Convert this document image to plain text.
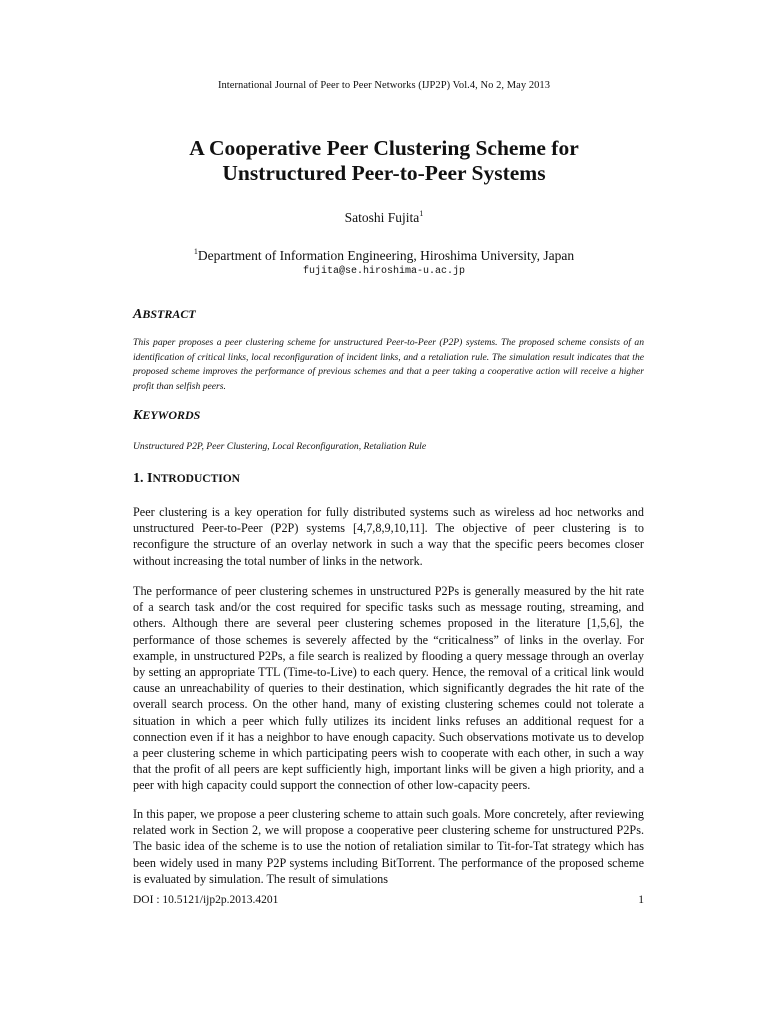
International Journal of Peer to Peer Networks (IJP2P) Vol.4, No 2, May 2013
A Cooperative Peer Clustering Scheme for
Unstructured Peer-to-Peer Systems
Satoshi Fujita$^1$
$^1$Department of Information Engineering, Hiroshima University, Japan
fujita@se.hiroshima-u.ac.jp
ABSTRACT
This paper proposes a peer clustering scheme for unstructured Peer-to-Peer (P2P) systems. The proposed scheme consists of an identification of critical links, local reconfiguration of incident links, and a retaliation rule. The simulation result indicates that the proposed scheme improves the performance of previous schemes and that a peer taking a cooperative action will receive a higher profit than selfish peers.
KEYWORDS
Unstructured P2P, Peer Clustering, Local Reconfiguration, Retaliation Rule
1. INTRODUCTION
Peer clustering is a key operation for fully distributed systems such as wireless ad hoc networks and unstructured Peer-to-Peer (P2P) systems [4,7,8,9,10,11]. The objective of peer clustering is to reconfigure the structure of an overlay network in such a way that the specific peers becomes closer without increasing the total number of links in the network.
The performance of peer clustering schemes in unstructured P2Ps is generally measured by the hit rate of a search task and/or the cost required for specific tasks such as message routing, streaming, and others. Although there are several peer clustering schemes proposed in the literature [1,5,6], the performance of those schemes is severely affected by the “criticalness” of links in the overlay. For example, in unstructured P2Ps, a file search is realized by flooding a query message through an overlay by setting an appropriate TTL (Time-to-Live) to each query. Hence, the removal of a critical link would cause an unreachability of queries to their destination, which significantly degrades the hit rate of the overall search process. On the other hand, many of existing clustering schemes could not tolerate a situation in which a peer which fully utilizes its incident links refuses an additional request for a connection even if it has a neighbor to have enough capacity. Such observations motivate us to develop a peer clustering scheme in which participating peers wish to cooperate with each other, in such a way that the profit of all peers are kept sufficiently high, important links will be given a high priority, and a peer with high capacity could support the connection of other low-capacity peers.
In this paper, we propose a peer clustering scheme to attain such goals. More concretely, after reviewing related work in Section 2, we will propose a cooperative peer clustering scheme for unstructured P2Ps. The basic idea of the scheme is to use the notion of retaliation similar to Tit-for-Tat strategy which has been widely used in many P2P systems including BitTorrent. The performance of the proposed scheme is evaluated by simulation. The result of simulations
DOI : 10.5121/ijp2p.2013.4201	1
